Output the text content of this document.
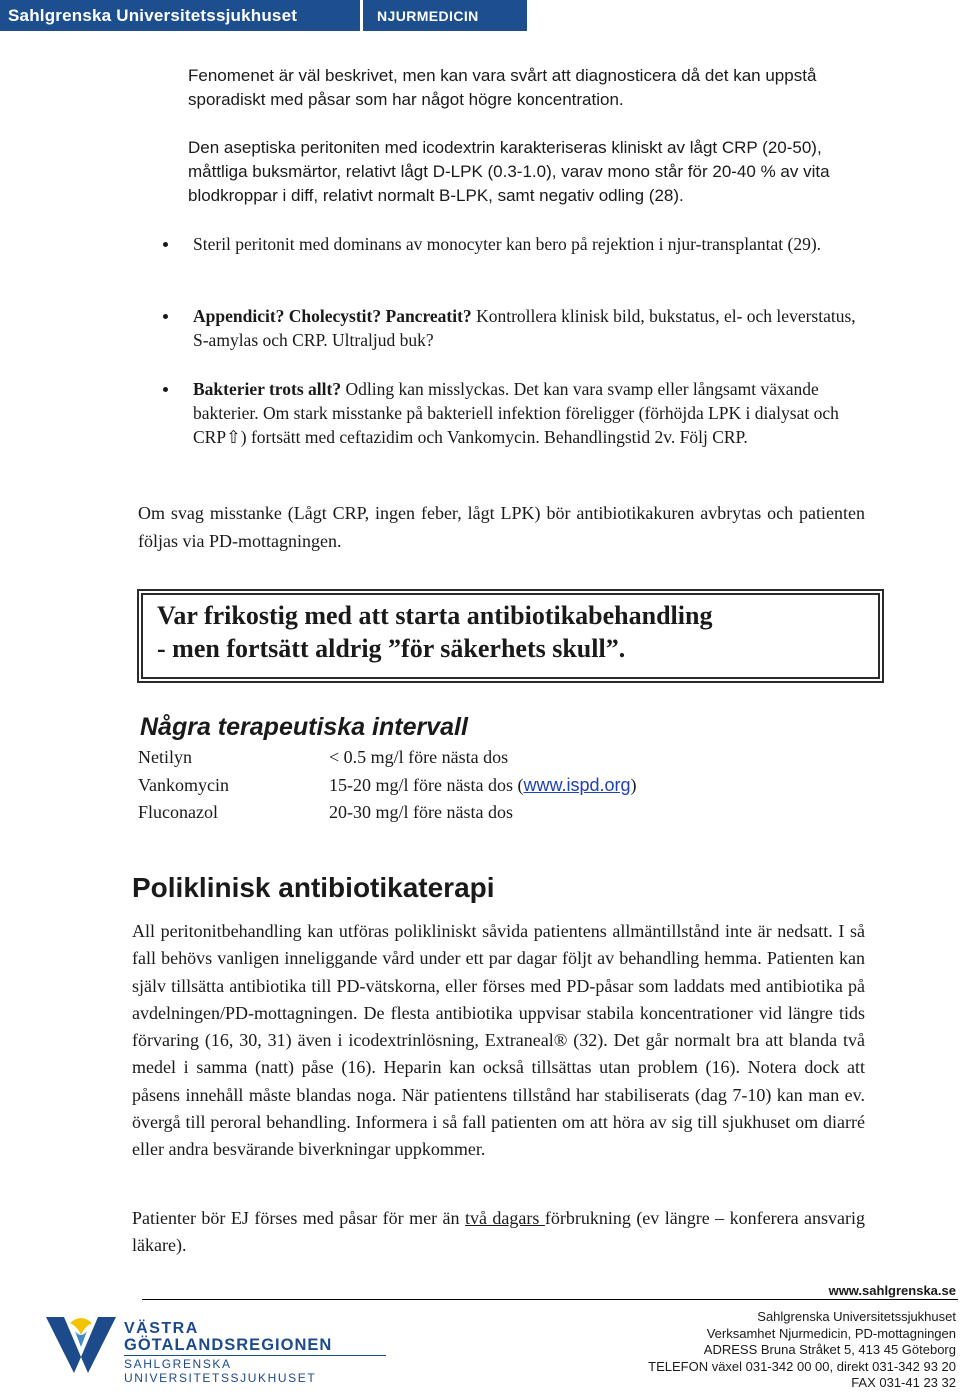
Sahlgrenska Universitetssjukhuset	NJURMEDICIN

Fenomenet är väl beskrivet, men kan vara svårt att diagnosticera då det kan uppstå sporadiskt med påsar som har något högre koncentration.

Den aseptiska peritoniten med icodextrin karakteriseras kliniskt av lågt CRP (20-50), måttliga buksmärtor, relativt lågt D-LPK (0.3-1.0), varav mono står för 20-40 % av vita blodkroppar i diff, relativt normalt B-LPK, samt negativ odling (28).

Steril peritonit med dominans av monocyter kan bero på rejektion i njur-transplantat (29).
Appendicit? Cholecystit? Pancreatit? Kontrollera klinisk bild, bukstatus, el- och leverstatus, S-amylas och CRP. Ultraljud buk?
Bakterier trots allt? Odling kan misslyckas. Det kan vara svamp eller långsamt växande bakterier. Om stark misstanke på bakteriell infektion föreligger (förhöjda LPK i dialysat och CRP⇧) fortsätt med ceftazidim och Vankomycin. Behandlingstid 2v. Följ CRP.

Om svag misstanke (Lågt CRP, ingen feber, lågt LPK) bör antibiotikakuren avbrytas och patienten följas via PD-mottagningen.

Var frikostig med att starta antibiotikabehandling
- men fortsätt aldrig ”för säkerhets skull”.
Några terapeutiska intervall
Netilyn	< 0.5 mg/l före nästa dos
Vankomycin	15-20 mg/l före nästa dos (www.ispd.org)
Fluconazol	20-30 mg/l före nästa dos
Poliklinisk antibiotikaterapi

All peritonitbehandling kan utföras polikliniskt såvida patientens allmäntillstånd inte är nedsatt. I så fall behövs vanligen inneliggande vård under ett par dagar följt av behandling hemma. Patienten kan själv tillsätta antibiotika till PD-vätskorna, eller förses med PD-påsar som laddats med antibiotika på avdelningen/PD-mottagningen. De flesta antibiotika uppvisar stabila koncentrationer vid längre tids förvaring (16, 30, 31) även i icodextrinlösning, Extraneal® (32). Det går normalt bra att blanda två medel i samma (natt) påse (16). Heparin kan också tillsättas utan problem (16). Notera dock att påsens innehåll måste blandas noga. När patientens tillstånd har stabiliserats (dag 7-10) kan man ev. övergå till peroral behandling. Informera i så fall patienten om att höra av sig till sjukhuset om diarré eller andra besvärande biverkningar uppkommer.

Patienter bör EJ förses med påsar för mer än två dagars förbrukning (ev längre – konferera ansvarig läkare).

www.sahlgrenska.se
VÄSTRA
GÖTALANDSREGIONEN
SAHLGRENSKA UNIVERSITETSSJUKHUSET
Sahlgrenska Universitetssjukhuset
Verksamhet Njurmedicin, PD-mottagningen
ADRESS Bruna Stråket 5, 413 45 Göteborg
TELEFON växel 031-342 00 00, direkt 031-342 93 20
FAX 031-41 23 32
